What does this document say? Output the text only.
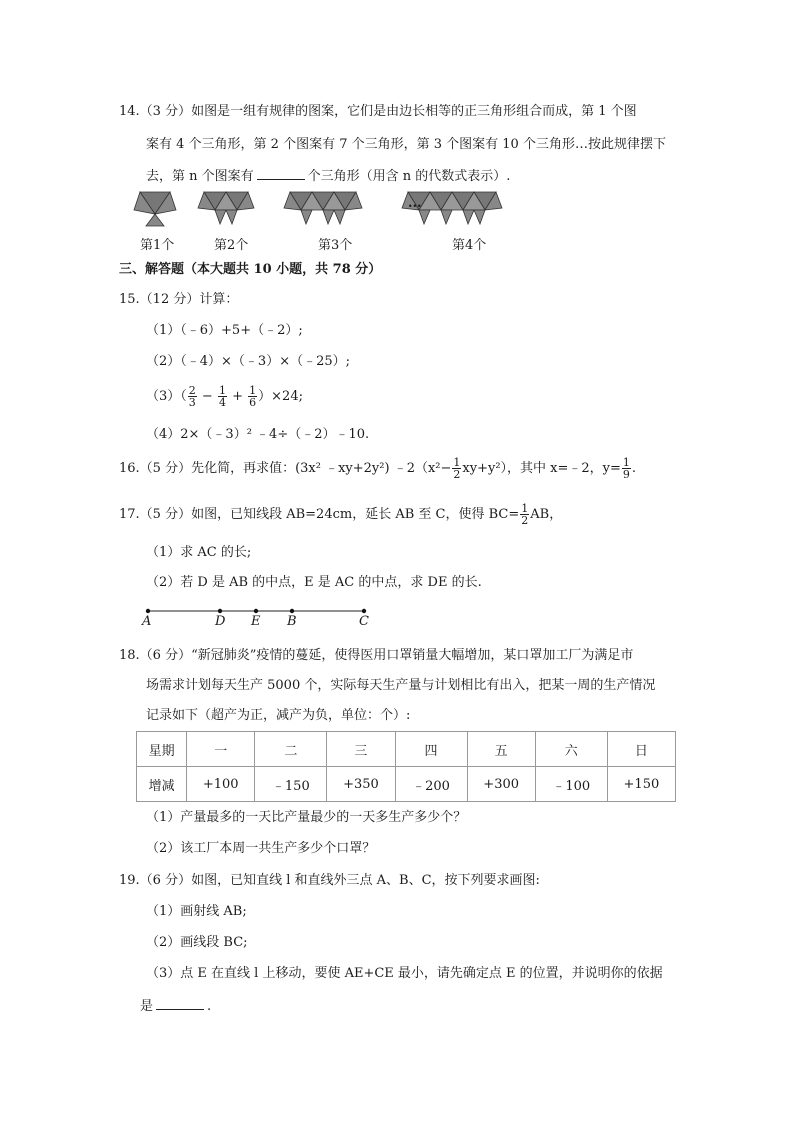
14.（3 分）如图是一组有规律的图案，它们是由边长相等的正三角形组合而成，第 1 个图
案有 4 个三角形，第 2 个图案有 7 个三角形，第 3 个图案有 10 个三角形…按此规律摆下
去，第 n 个图案有	个三角形（用含 n 的代数式表示）.
...
第1个	第2个	第3个	第4个
三、解答题（本大题共 10 小题，共 78 分）
15.（12 分）计算：
（1）（﹣6）+5+（﹣2）;
（2）（﹣4）×（﹣3）×（﹣25）;
$(3)( \frac{2}{3} - \frac{1}{4} + \frac{1}{6} )\times 24$;
（4）2×（﹣3）² ﹣4÷（﹣2）﹣10.
16.（5 分）先化简，再求值：(3x² ﹣xy+2y²) ﹣2（x²− $\frac{1}{2} xy+y^2$），其中 x=﹣2，$y= \frac{1}{9}$ .
17.（5 分）如图，已知线段 AB=24cm，延长 AB 至 C，使得 $BC= \frac{1}{2}$ AB，
（1）求 AC 的长;
（2）若 D 是 AB 的中点，E 是 AC 的中点，求 DE 的长.
A	D E B	C
18.（6 分）“新冠肺炎”疫情的蔓延，使得医用口罩销量大幅增加，某口罩加工厂为满足市
场需求计划每天生产 5000 个，实际每天生产量与计划相比有出入，把某一周的生产情况
记录如下（超产为正，减产为负，单位：个）:
星期	一	二	三	四	五	六	日
增减	+100	﹣150	+350	﹣200	+300	﹣100	+150
（1）产量最多的一天比产量最少的一天多生产多少个？
（2）该工厂本周一共生产多少个口罩？
19.（6 分）如图，已知直线 l 和直线外三点 A、B、C，按下列要求画图:
（1）画射线 AB;
（2）画线段 BC;
（3）点 E 在直线 l 上移动，要使 AE+CE 最小，请先确定点 E 的位置，并说明你的依据
是	.
